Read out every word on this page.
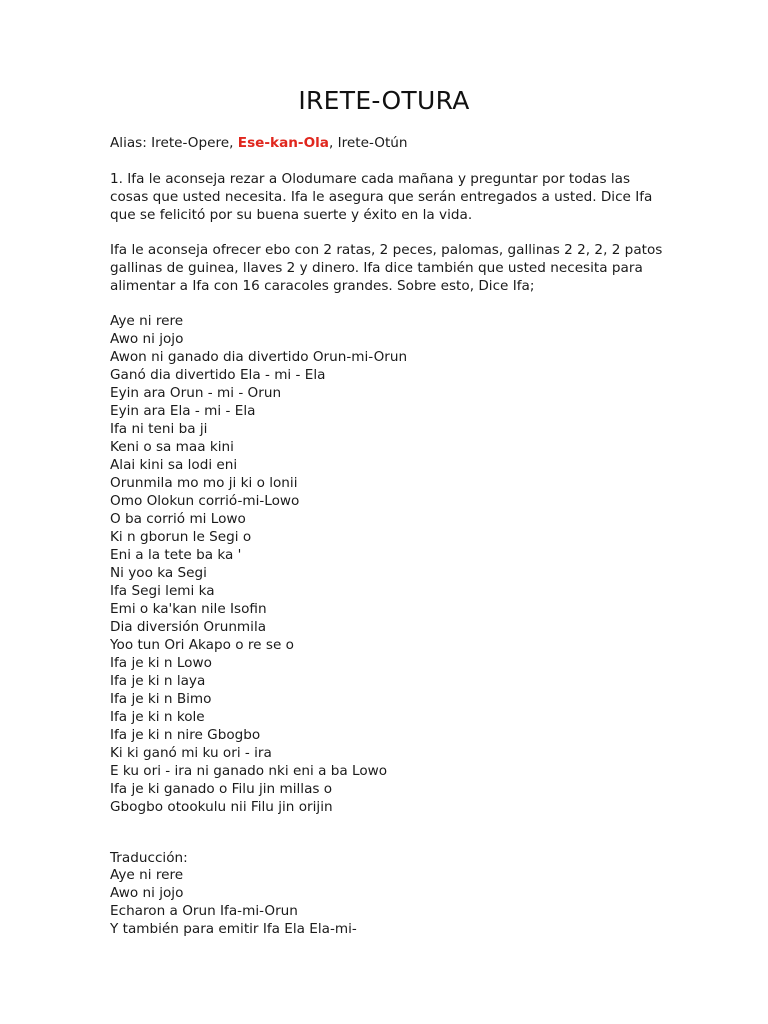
IRETE-OTURA

Alias: Irete-Opere, Ese-kan-Ola, Irete-Otún

1. Ifa le aconseja rezar a Olodumare cada mañana y preguntar por todas las cosas que usted necesita. Ifa le asegura que serán entregados a usted. Dice Ifa que se felicitó por su buena suerte y éxito en la vida.

Ifa le aconseja ofrecer ebo con 2 ratas, 2 peces, palomas, gallinas 2 2, 2, 2 patos gallinas de guinea, llaves 2 y dinero. Ifa dice también que usted necesita para alimentar a Ifa con 16 caracoles grandes. Sobre esto, Dice Ifa;

Aye ni rere
Awo ni jojo
Awon ni ganado dia divertido Orun-mi-Orun
Ganó dia divertido Ela - mi - Ela
Eyin ara Orun - mi - Orun
Eyin ara Ela - mi - Ela
Ifa ni teni ba ji
Keni o sa maa kini
Alai kini sa lodi eni
Orunmila mo mo ji ki o lonii
Omo Olokun corrió-mi-Lowo
O ba corrió mi Lowo
Ki n gborun le Segi o
Eni a la tete ba ka '
Ni yoo ka Segi
Ifa Segi lemi ka
Emi o ka'kan nile Isofin
Dia diversión Orunmila
Yoo tun Ori Akapo o re se o
Ifa je ki n Lowo
Ifa je ki n laya
Ifa je ki n Bimo
Ifa je ki n kole
Ifa je ki n nire Gbogbo
Ki ki ganó mi ku ori - ira
E ku ori - ira ni ganado nki eni a ba Lowo
Ifa je ki ganado o Filu jin millas o
Gbogbo otookulu nii Filu jin orijin

Traducción:

Aye ni rere
Awo ni jojo
Echaron a Orun Ifa-mi-Orun
Y también para emitir Ifa Ela Ela-mi-
